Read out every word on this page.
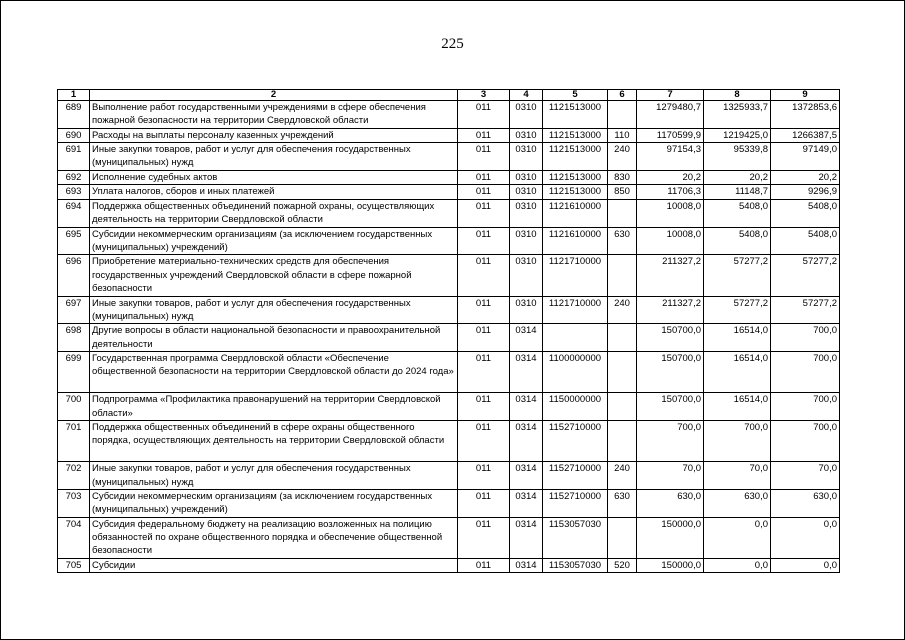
225
1	2	3	4	5	6	7	8	9
689	Выполнение работ государственными учреждениями в сфере обеспечения пожарной безопасности на территории Свердловской области	011	0310	1121513000		1279480,7	1325933,7	1372853,6
690	Расходы на выплаты персоналу казенных учреждений	011	0310	1121513000	110	1170599,9	1219425,0	1266387,5
691	Иные закупки товаров, работ и услуг для обеспечения государственных (муниципальных) нужд	011	0310	1121513000	240	97154,3	95339,8	97149,0
692	Исполнение судебных актов	011	0310	1121513000	830	20,2	20,2	20,2
693	Уплата налогов, сборов и иных платежей	011	0310	1121513000	850	11706,3	11148,7	9296,9
694	Поддержка общественных объединений пожарной охраны, осуществляющих деятельность на территории Свердловской области	011	0310	1121610000		10008,0	5408,0	5408,0
695	Субсидии некоммерческим организациям (за исключением государственных (муниципальных) учреждений)	011	0310	1121610000	630	10008,0	5408,0	5408,0
696	Приобретение материально-технических средств для обеспечения государственных учреждений Свердловской области в сфере пожарной безопасности	011	0310	1121710000		211327,2	57277,2	57277,2
697	Иные закупки товаров, работ и услуг для обеспечения государственных (муниципальных) нужд	011	0310	1121710000	240	211327,2	57277,2	57277,2
698	Другие вопросы в области национальной безопасности и правоохранительной деятельности	011	0314			150700,0	16514,0	700,0
699	Государственная программа Свердловской области «Обеспечение общественной безопасности на территории Свердловской области до 2024 года»	011	0314	1100000000		150700,0	16514,0	700,0
700	Подпрограмма «Профилактика правонарушений на территории Свердловской области»	011	0314	1150000000		150700,0	16514,0	700,0
701	Поддержка общественных объединений в сфере охраны общественного порядка, осуществляющих деятельность на территории Свердловской области	011	0314	1152710000		700,0	700,0	700,0
702	Иные закупки товаров, работ и услуг для обеспечения государственных (муниципальных) нужд	011	0314	1152710000	240	70,0	70,0	70,0
703	Субсидии некоммерческим организациям (за исключением государственных (муниципальных) учреждений)	011	0314	1152710000	630	630,0	630,0	630,0
704	Субсидия федеральному бюджету на реализацию возложенных на полицию обязанностей по охране общественного порядка и обеспечение общественной безопасности	011	0314	1153057030		150000,0	0,0	0,0
705	Субсидии	011	0314	1153057030	520	150000,0	0,0	0,0
